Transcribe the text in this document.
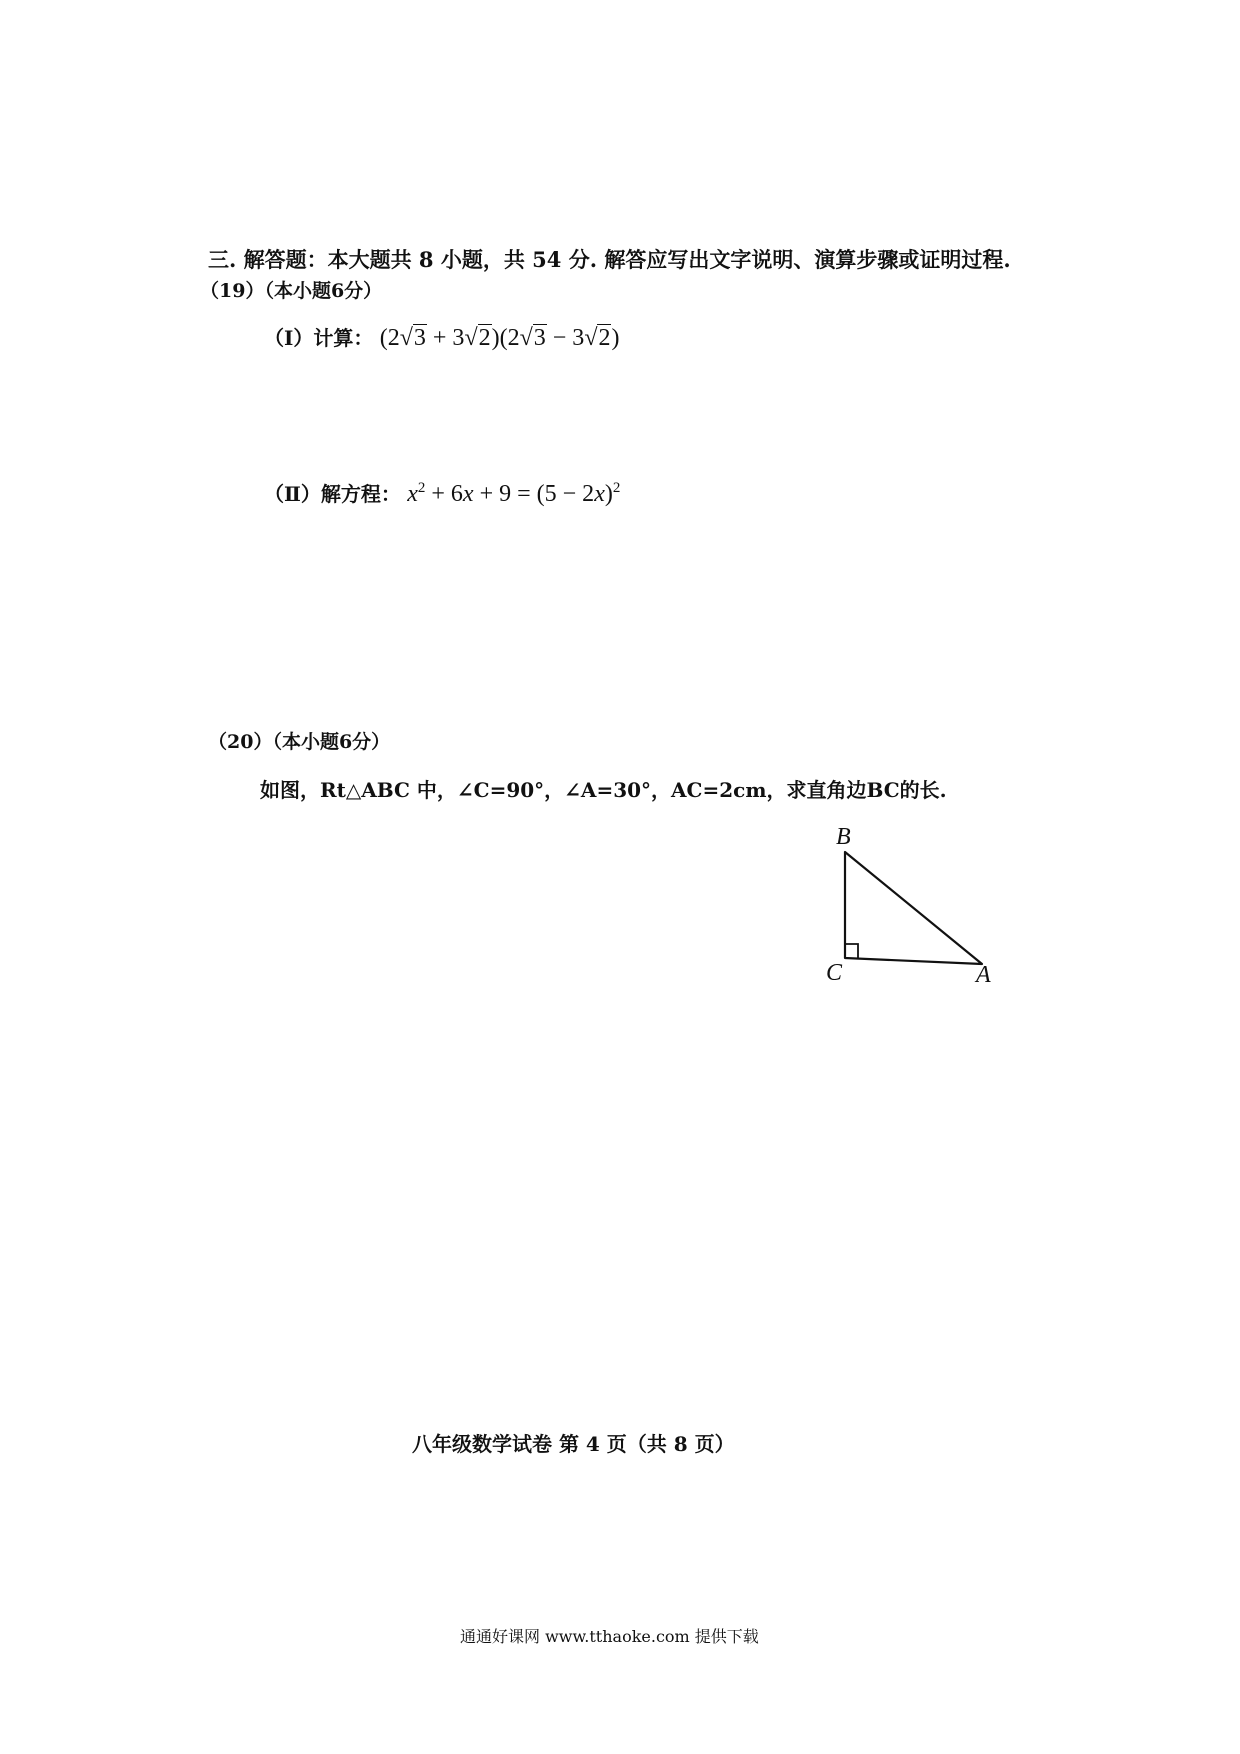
三. 解答题：本大题共 8 小题，共 54 分. 解答应写出文字说明、演算步骤或证明过程.
（19）（本小题6分）
（Ⅰ）计算： (2√3 + 3√2)(2√3 − 3√2)
（Ⅱ）解方程： $x^2 + 6x + 9 = (5 - 2x)^2$
（20）（本小题6分）
如图，Rt△ABC 中，∠C=90°，∠A=30°，AC=2cm，求直角边BC的长.
B
C	A
八年级数学试卷 第 4 页（共 8 页）
通通好课网 www.tthaoke.com 提供下载
